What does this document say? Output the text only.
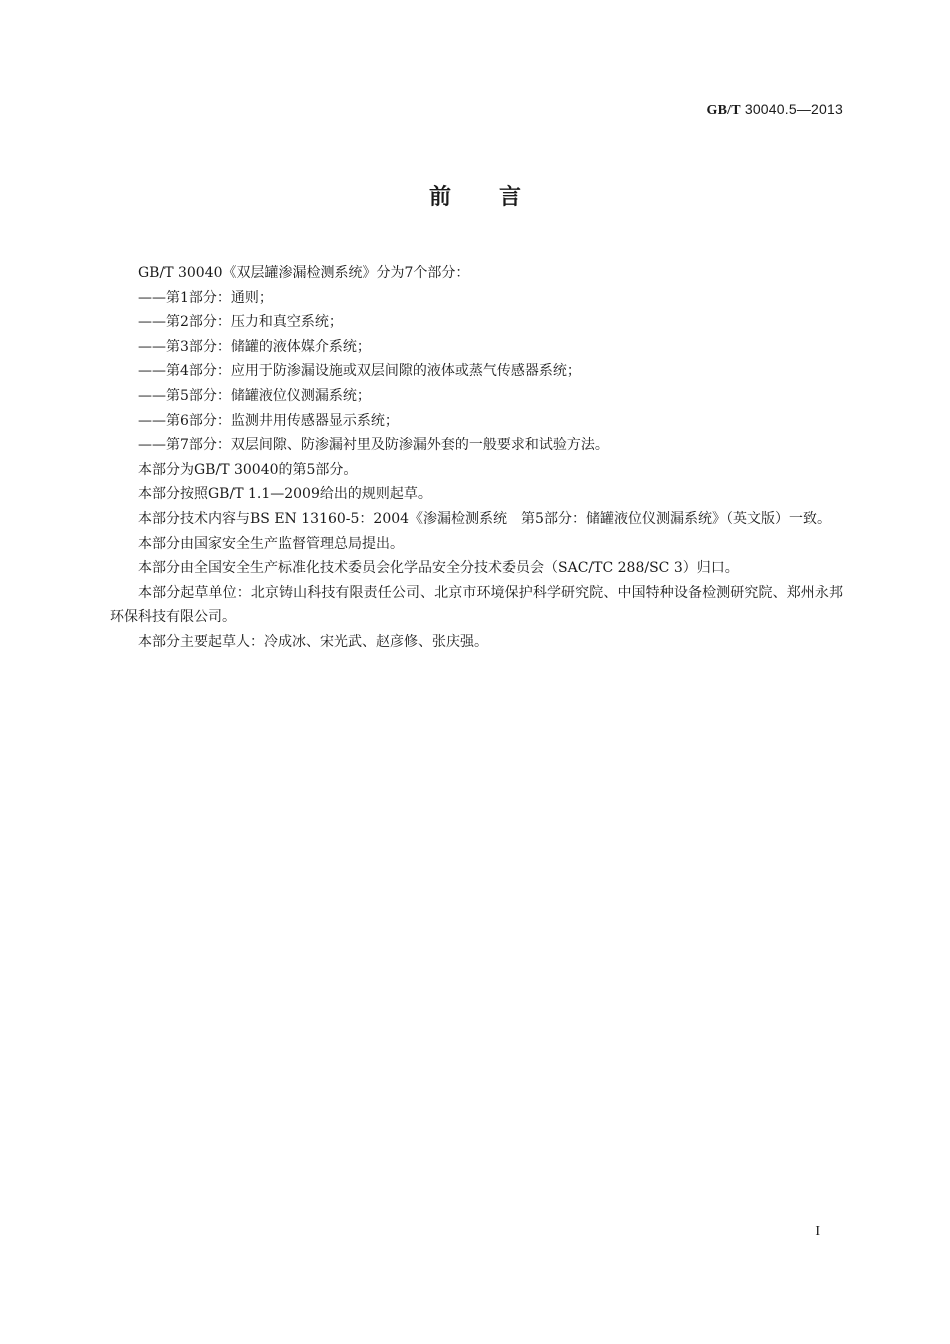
GB/T 30040.5—2013
前言

GB/T 30040《双层罐渗漏检测系统》分为7个部分：

——第1部分：通则；

——第2部分：压力和真空系统；

——第3部分：储罐的液体媒介系统；

——第4部分：应用于防渗漏设施或双层间隙的液体或蒸气传感器系统；

——第5部分：储罐液位仪测漏系统；

——第6部分：监测井用传感器显示系统；

——第7部分：双层间隙、防渗漏衬里及防渗漏外套的一般要求和试验方法。

本部分为GB/T 30040的第5部分。

本部分按照GB/T 1.1—2009给出的规则起草。

本部分技术内容与BS EN 13160-5：2004《渗漏检测系统　第5部分：储罐液位仪测漏系统》（英文版）一致。

本部分由国家安全生产监督管理总局提出。

本部分由全国安全生产标准化技术委员会化学品安全分技术委员会（SAC/TC 288/SC 3）归口。

本部分起草单位：北京铸山科技有限责任公司、北京市环境保护科学研究院、中国特种设备检测研究院、郑州永邦环保科技有限公司。

本部分主要起草人：冷成冰、宋光武、赵彦修、张庆强。

I
